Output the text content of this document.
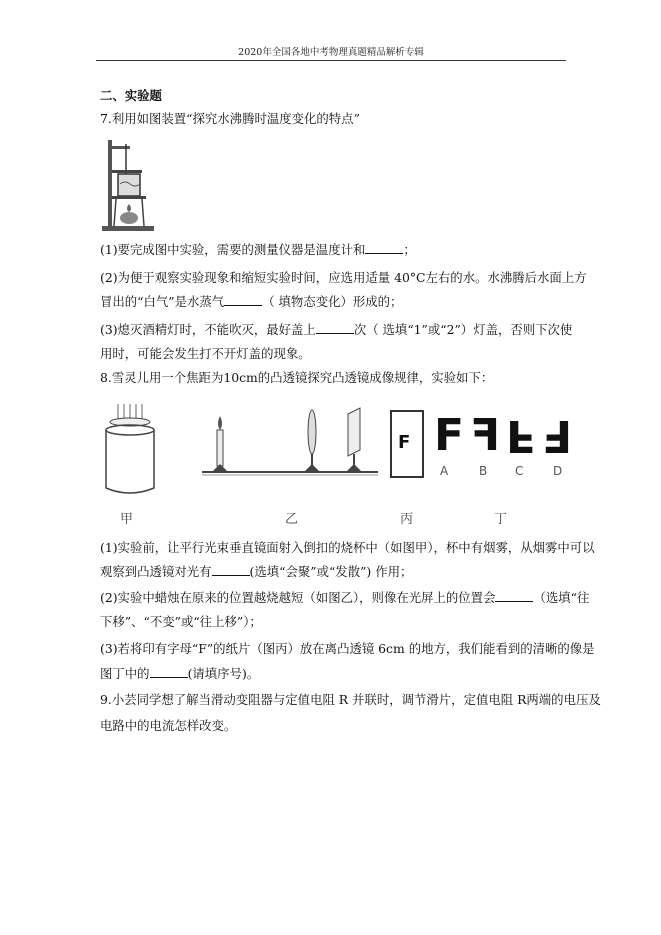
2020年全国各地中考物理真题精品解析专辑
二、实验题
7.利用如图装置“探究水沸腾时温度变化的特点”
(1)要完成图中实验，需要的测量仪器是温度计和	；
(2)为便于观察实验现象和缩短实验时间，应选用适量 40°C左右的水。水沸腾后水面上方
冒出的“白气”是水蒸气	（ 填物态变化）形成的；
(3)熄灭酒精灯时，不能吹灭，最好盖上	次（ 选填“1”或“2”）灯盖，否则下次使
用时，可能会发生打不开灯盖的现象。
8.雪灵儿用一个焦距为10cm的凸透镜探究凸透镜成像规律，实验如下：
F F F F F
A	B C D
甲	乙	丙	丁
(1)实验前，让平行光束垂直镜面射入倒扣的烧杯中（如图甲），杯中有烟雾，从烟雾中可以
观察到凸透镜对光有	(选填“会聚”或“发散”) 作用；
(2)实验中蜡烛在原来的位置越烧越短（如图乙），则像在光屏上的位置会	（选填“往
下移”、“不变”或“往上移”）；
(3)若将印有字母“F”的纸片（图丙）放在离凸透镜 6cm 的地方，我们能看到的清晰的像是
图丁中的	(请填序号)。
9.小芸同学想了解当滑动变阻器与定值电阻 R 并联时，调节滑片，定值电阻 R两端的电压及
电路中的电流怎样改变。
